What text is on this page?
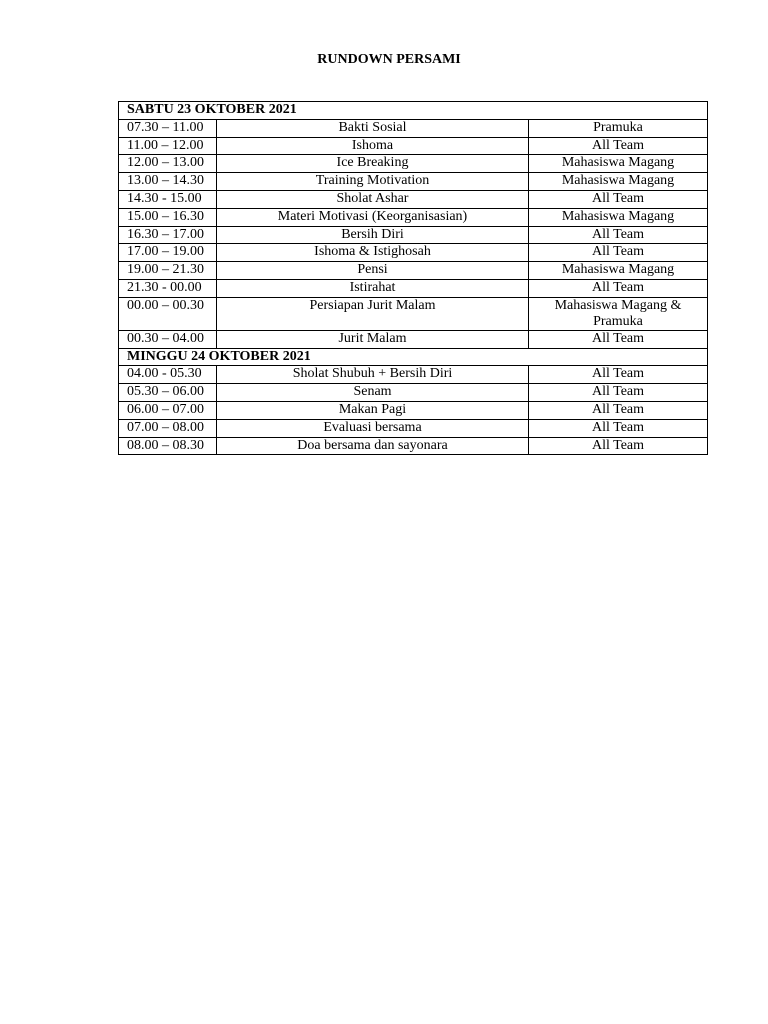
RUNDOWN PERSAMI
SABTU 23 OKTOBER 2021		
07.30 – 11.00	Bakti Sosial	Pramuka
11.00 – 12.00	Ishoma	All Team
12.00 – 13.00	Ice Breaking	Mahasiswa Magang
13.00 – 14.30	Training Motivation	Mahasiswa Magang
14.30 - 15.00	Sholat Ashar	All Team
15.00 – 16.30	Materi Motivasi (Keorganisasian)	Mahasiswa Magang
16.30 – 17.00	Bersih Diri	All Team
17.00 – 19.00	Ishoma & Istighosah	All Team
19.00 – 21.30	Pensi	Mahasiswa Magang
21.30 - 00.00	Istirahat	All Team
00.00 – 00.30	Persiapan Jurit Malam	Mahasiswa Magang & Pramuka
00.30 – 04.00	Jurit Malam	All Team
MINGGU 24 OKTOBER 2021		
04.00 - 05.30	Sholat Shubuh + Bersih Diri	All Team
05.30 – 06.00	Senam	All Team
06.00 – 07.00	Makan Pagi	All Team
07.00 – 08.00	Evaluasi bersama	All Team
08.00 – 08.30	Doa bersama dan sayonara	All Team
